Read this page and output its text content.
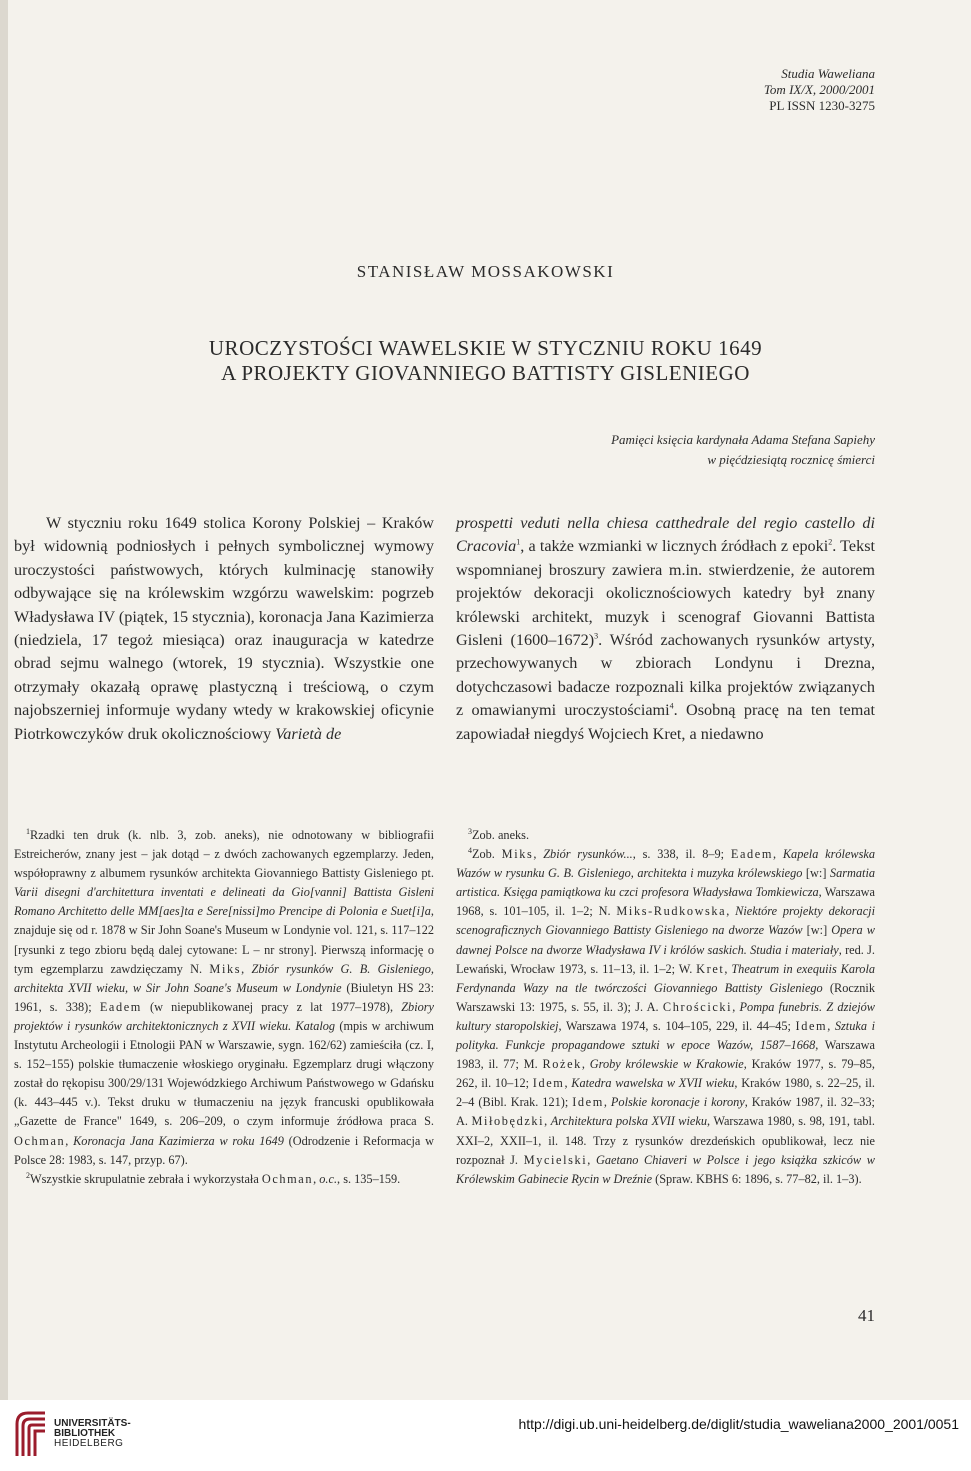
Studia Waweliana
Tom IX/X, 2000/2001
PL ISSN 1230-3275
STANISŁAW MOSSAKOWSKI
UROCZYSTOŚCI WAWELSKIE W STYCZNIU ROKU 1649
A PROJEKTY GIOVANNIEGO BATTISTY GISLENIEGO
Pamięci księcia kardynała Adama Stefana Sapiehy
w pięćdziesiątą rocznicę śmierci

W styczniu roku 1649 stolica Korony Polskiej – Kraków był widownią podniosłych i pełnych symbolicznej wymowy uroczystości państwowych, których kulminację stanowiły odbywające się na królewskim wzgórzu wawelskim: pogrzeb Władysława IV (piątek, 15 stycznia), koronacja Jana Kazimierza (niedziela, 17 tegoż miesiąca) oraz inauguracja w katedrze obrad sejmu walnego (wtorek, 19 stycznia). Wszystkie one otrzymały okazałą oprawę plastyczną i treściową, o czym najobszerniej informuje wydany wtedy w krakowskiej oficynie Piotrkowczyków druk okolicznościowy Varietà de

prospetti veduti nella chiesa catthedrale del regio castello di Cracovia$^1$, a także wzmianki w licznych źródłach z epoki$^2$. Tekst wspomnianej broszury zawiera m.in. stwierdzenie, że autorem projektów dekoracji okolicznościowych katedry był znany królewski architekt, muzyk i scenograf Giovanni Battista Gisleni (1600–1672)$^3$. Wśród zachowanych rysunków artysty, przechowywanych w zbiorach Londynu i Drezna, dotychczasowi badacze rozpoznali kilka projektów związanych z omawianymi uroczystościami$^4$. Osobną pracę na ten temat zapowiadał niegdyś Wojciech Kret, a niedawno

$^1$Rzadki ten druk (k. nlb. 3, zob. aneks), nie odnotowany w bibliografii Estreicherów, znany jest – jak dotąd – z dwóch zachowanych egzemplarzy. Jeden, współoprawny z albumem rysunków architekta Giovanniego Battisty Gisleniego pt. Varii disegni d'architettura inventati e delineati da Gio[vanni] Battista Gisleni Romano Architetto delle MM[aes]ta e Sere[nissi]mo Prencipe di Polonia e Suet[i]a, znajduje się od r. 1878 w Sir John Soane's Museum w Londynie vol. 121, s. 117–122 [rysunki z tego zbioru będą dalej cytowane: L – nr strony]. Pierwszą informację o tym egzemplarzu zawdzięczamy N. Miks, Zbiór rysunków G. B. Gisleniego, architekta XVII wieku, w Sir John Soane's Museum w Londynie (Biuletyn HS 23: 1961, s. 338); Eadem (w niepublikowanej pracy z lat 1977–1978), Zbiory projektów i rysunków architektonicznych z XVII wieku. Katalog (mpis w archiwum Instytutu Archeologii i Etnologii PAN w Warszawie, sygn. 162/62) zamieściła (cz. I, s. 152–155) polskie tłumaczenie włoskiego oryginału. Egzemplarz drugi włączony został do rękopisu 300/29/131 Wojewódzkiego Archiwum Państwowego w Gdańsku (k. 443–445 v.). Tekst druku w tłumaczeniu na język francuski opublikowała „Gazette de France" 1649, s. 206–209, o czym informuje źródłowa praca S. Ochman, Koronacja Jana Kazimierza w roku 1649 (Odrodzenie i Reformacja w Polsce 28: 1983, s. 147, przyp. 67).

$^2$Wszystkie skrupulatnie zebrała i wykorzystała Ochman, o.c., s. 135–159.

$^3$Zob. aneks.

$^4$Zob. Miks, Zbiór rysunków..., s. 338, il. 8–9; Eadem, Kapela królewska Wazów w rysunku G. B. Gisleniego, architekta i muzyka królewskiego [w:] Sarmatia artistica. Księga pamiątkowa ku czci profesora Władysława Tomkiewicza, Warszawa 1968, s. 101–105, il. 1–2; N. Miks-Rudkowska, Niektóre projekty dekoracji scenograficznych Giovanniego Battisty Gisleniego na dworze Wazów [w:] Opera w dawnej Polsce na dworze Władysława IV i królów saskich. Studia i materiały, red. J. Lewański, Wrocław 1973, s. 11–13, il. 1–2; W. Kret, Theatrum in exequiis Karola Ferdynanda Wazy na tle twórczości Giovanniego Battisty Gisleniego (Rocznik Warszawski 13: 1975, s. 55, il. 3); J. A. Chrościcki, Pompa funebris. Z dziejów kultury staropolskiej, Warszawa 1974, s. 104–105, 229, il. 44–45; Idem, Sztuka i polityka. Funkcje propagandowe sztuki w epoce Wazów, 1587–1668, Warszawa 1983, il. 77; M. Rożek, Groby królewskie w Krakowie, Kraków 1977, s. 79–85, 262, il. 10–12; Idem, Katedra wawelska w XVII wieku, Kraków 1980, s. 22–25, il. 2–4 (Bibl. Krak. 121); Idem, Polskie koronacje i korony, Kraków 1987, il. 32–33; A. Miłobędzki, Architektura polska XVII wieku, Warszawa 1980, s. 98, 191, tabl. XXI–2, XXII–1, il. 148. Trzy z rysunków drezdeńskich opublikował, lecz nie rozpoznał J. Mycielski, Gaetano Chiaveri w Polsce i jego książka szkiców w Królewskim Gabinecie Rycin w Dreźnie (Spraw. KBHS 6: 1896, s. 77–82, il. 1–3).

41
UNIVERSITÄTS-
BIBLIOTHEK
HEIDELBERG
http://digi.ub.uni-heidelberg.de/diglit/studia_waweliana2000_2001/0051
